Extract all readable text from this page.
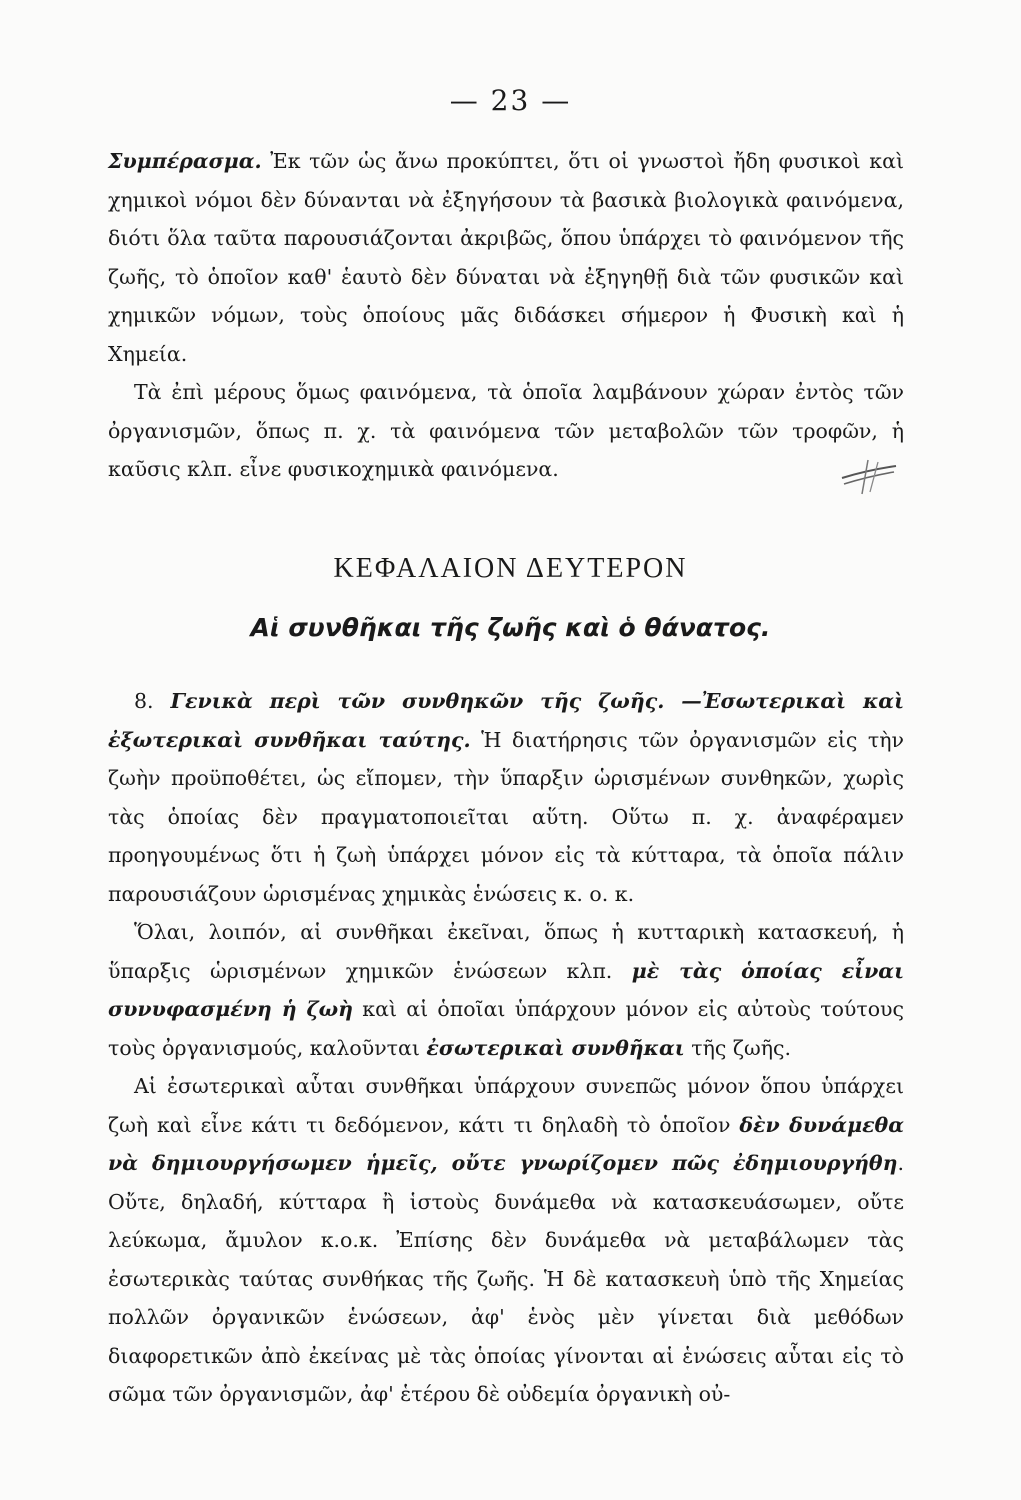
— 23 —

Συμπέρασμα. Ἐκ τῶν ὡς ἄνω προκύπτει, ὅτι οἱ γνωστοὶ ἤδη φυσικοὶ καὶ χημικοὶ νόμοι δὲν δύνανται νὰ ἐξηγήσουν τὰ βασικὰ βιολογικὰ φαινόμενα, διότι ὅλα ταῦτα παρουσιάζονται ἀκριβῶς, ὅπου ὑπάρχει τὸ φαινόμενον τῆς ζωῆς, τὸ ὁποῖον καθ' ἑαυτὸ δὲν δύναται νὰ ἐξηγηθῇ διὰ τῶν φυσικῶν καὶ χημικῶν νόμων, τοὺς ὁποίους μᾶς διδάσκει σήμερον ἡ Φυσικὴ καὶ ἡ Χημεία.

Τὰ ἐπὶ μέρους ὅμως φαινόμενα, τὰ ὁποῖα λαμβάνουν χώραν ἐντὸς τῶν ὀργανισμῶν, ὅπως π. χ. τὰ φαινόμενα τῶν μεταβολῶν τῶν τροφῶν, ἡ καῦσις κλπ. εἶνε φυσικοχημικὰ φαινόμενα.

ΚΕΦΑΛΑΙΟΝ ΔΕΥΤΕΡΟΝ
Αἱ συνθῆκαι τῆς ζωῆς καὶ ὁ θάνατος.

8. Γενικὰ περὶ τῶν συνθηκῶν τῆς ζωῆς. —Ἐσωτερικαὶ καὶ ἐξωτερικαὶ συνθῆκαι ταύτης. Ἡ διατήρησις τῶν ὀργανισμῶν εἰς τὴν ζωὴν προϋποθέτει, ὡς εἴπομεν, τὴν ὕπαρξιν ὡρισμένων συνθηκῶν, χωρὶς τὰς ὁποίας δὲν πραγματοποιεῖται αὕτη. Οὕτω π. χ. ἀναφέραμεν προηγουμένως ὅτι ἡ ζωὴ ὑπάρχει μόνον εἰς τὰ κύτταρα, τὰ ὁποῖα πάλιν παρουσιάζουν ὡρισμένας χημικὰς ἑνώσεις κ. ο. κ.

Ὅλαι, λοιπόν, αἱ συνθῆκαι ἐκεῖναι, ὅπως ἡ κυτταρικὴ κατασκευή, ἡ ὕπαρξις ὡρισμένων χημικῶν ἑνώσεων κλπ. μὲ τὰς ὁποίας εἶναι συνυφασμένη ἡ ζωὴ καὶ αἱ ὁποῖαι ὑπάρχουν μόνον εἰς αὐτοὺς τούτους τοὺς ὀργανισμούς, καλοῦνται ἐσωτερικαὶ συνθῆκαι τῆς ζωῆς.

Αἱ ἐσωτερικαὶ αὗται συνθῆκαι ὑπάρχουν συνεπῶς μόνον ὅπου ὑπάρχει ζωὴ καὶ εἶνε κάτι τι δεδόμενον, κάτι τι δηλαδὴ τὸ ὁποῖον δὲν δυνάμεθα νὰ δημιουργήσωμεν ἡμεῖς, οὔτε γνωρίζομεν πῶς ἐδημιουργήθη. Οὔτε, δηλαδή, κύτταρα ἢ ἱστοὺς δυνάμεθα νὰ κατασκευάσωμεν, οὔτε λεύκωμα, ἄμυλον κ.ο.κ. Ἐπίσης δὲν δυνάμεθα νὰ μεταβάλωμεν τὰς ἐσωτερικὰς ταύτας συνθήκας τῆς ζωῆς. Ἡ δὲ κατασκευὴ ὑπὸ τῆς Χημείας πολλῶν ὀργανικῶν ἑνώσεων, ἀφ' ἑνὸς μὲν γίνεται διὰ μεθόδων διαφορετικῶν ἀπὸ ἐκείνας μὲ τὰς ὁποίας γίνονται αἱ ἑνώσεις αὗται εἰς τὸ σῶμα τῶν ὀργανισμῶν, ἀφ' ἑτέρου δὲ οὐδεμία ὀργανικὴ οὐ-
